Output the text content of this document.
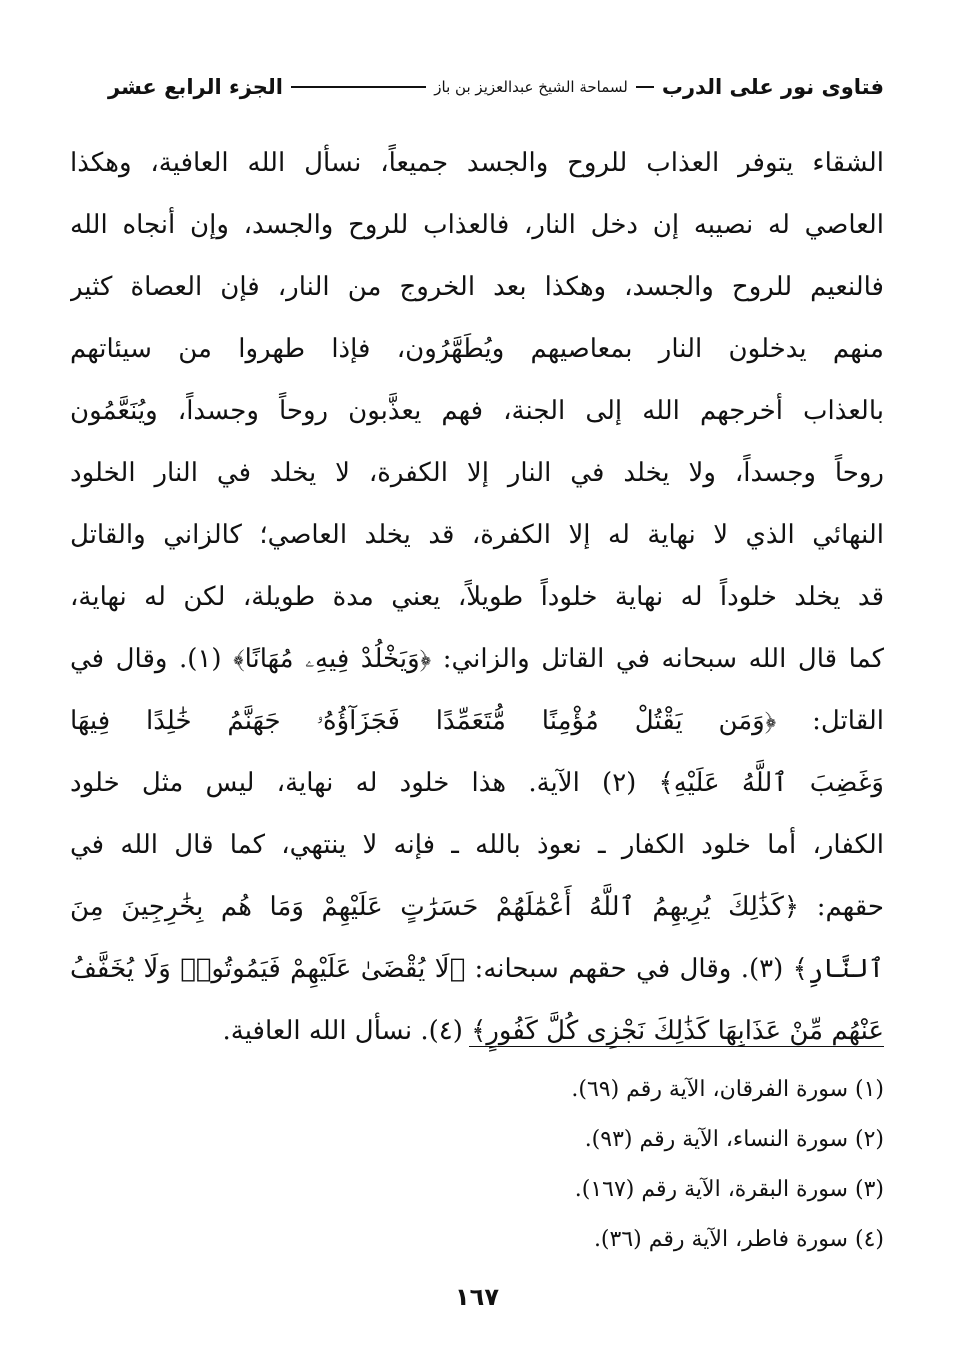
فتاوى نور على الدرب
لسماحة الشيخ عبدالعزيز بن باز
الجزء الرابع عشر
الشقاء يتوفر العذاب للروح والجسد جميعاً، نسأل الله العافية، وهكذا
العاصي له نصيبه إن دخل النار، فالعذاب للروح والجسد، وإن أنجاه الله
فالنعيم للروح والجسد، وهكذا بعد الخروج من النار، فإن العصاة كثير
منهم يدخلون النار بمعاصيهم ويُطَهَّرُون، فإذا طهروا من سيئاتهم
بالعذاب أخرجهم الله إلى الجنة، فهم يعذَّبون روحاً وجسداً، ويُنَعَّمُون
روحاً وجسداً، ولا يخلد في النار إلا الكفرة، لا يخلد في النار الخلود
النهائي الذي لا نهاية له إلا الكفرة، قد يخلد العاصي؛ كالزاني والقاتل
قد يخلد خلوداً له نهاية خلوداً طويلاً، يعني مدة طويلة، لكن له نهاية،
كما قال الله سبحانه في القاتل والزاني: ﴿وَيَخْلُدْ فِيهِۦ مُهَانًا﴾ (١). وقال في
القاتل: ﴿وَمَن يَقْتُلْ مُؤْمِنًا مُّتَعَمِّدًا فَجَزَآؤُهُۥ جَهَنَّمُ خَٰلِدًا فِيهَا
وَغَضِبَ ٱللَّهُ عَلَيْهِ﴾ (٢) الآية. هذا خلود له نهاية، ليس مثل خلود
الكفار، أما خلود الكفار ـ نعوذ بالله ـ فإنه لا ينتهي، كما قال الله في
حقهم: ﴿كَذَٰلِكَ يُرِيهِمُ ٱللَّهُ أَعْمَٰلَهُمْ حَسَرَٰتٍ عَلَيْهِمْ وَمَا هُم بِخَٰرِجِينَ مِنَ
ٱلنَّارِ﴾ (٣). وقال في حقهم سبحانه: ﴿لَا يُقْضَىٰ عَلَيْهِمْ فَيَمُوتُوا۟ وَلَا يُخَفَّفُ
عَنْهُم مِّنْ عَذَابِهَا كَذَٰلِكَ نَجْزِى كُلَّ كَفُورٍ﴾ (٤). نسأل الله العافية.
(١) سورة الفرقان، الآية رقم (٦٩).
(٢) سورة النساء، الآية رقم (٩٣).
(٣) سورة البقرة، الآية رقم (١٦٧).
(٤) سورة فاطر، الآية رقم (٣٦).
١٦٧
